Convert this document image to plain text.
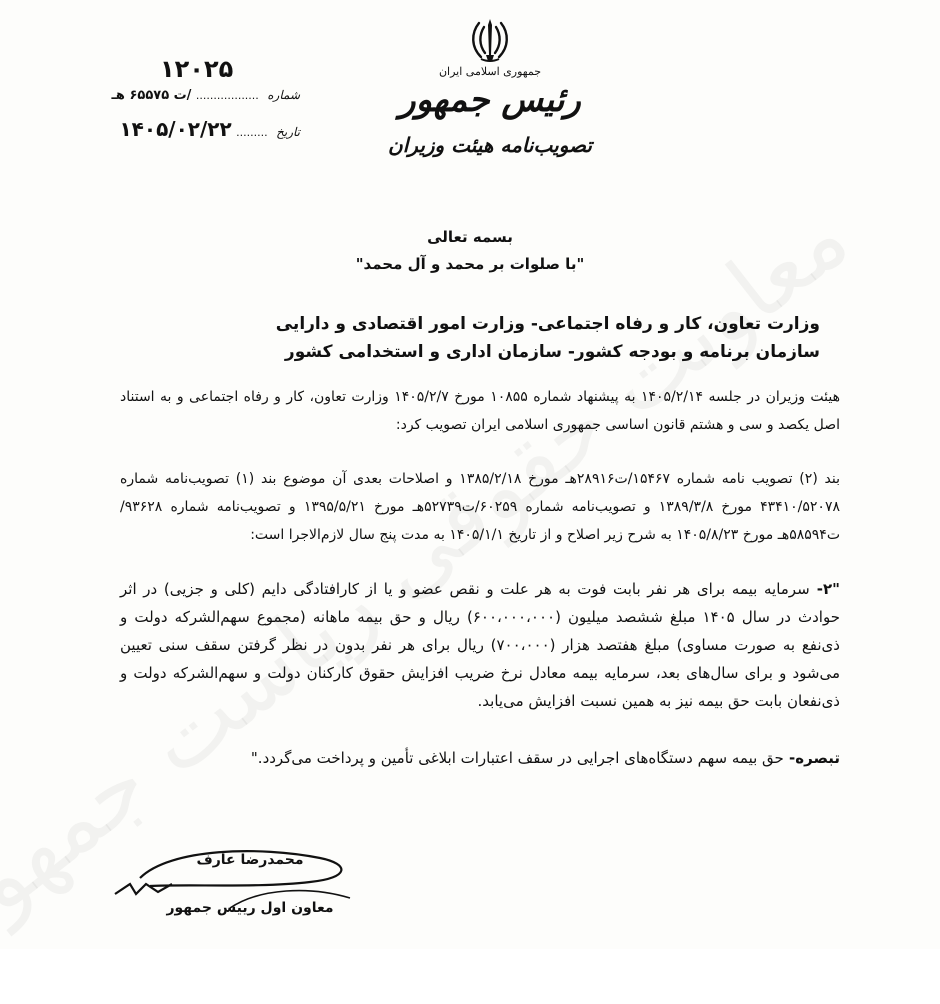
۱۲۰۲۵
شماره .................. /ت ۶۵۵۷۵ هـ
تاریخ ......... ۱۴۰۵/۰۲/۲۲
جمهوری اسلامی ایران
رئیس جمهور
تصویب‌نامه هیئت وزیران
بسمه تعالی
"با صلوات بر محمد و آل محمد"
وزارت تعاون، کار و رفاه اجتماعی- وزارت امور اقتصادی و دارایی
سازمان برنامه و بودجه کشور- سازمان اداری و استخدامی کشور
هیئت وزیران در جلسه ۱۴۰۵/۲/۱۴ به پیشنهاد شماره ۱۰۸۵۵ مورخ ۱۴۰۵/۲/۷ وزارت تعاون، کار و رفاه اجتماعی و به استناد اصل یکصد و سی و هشتم قانون اساسی جمهوری اسلامی ایران تصویب کرد:
بند (۲) تصویب نامه شماره ۱۵۴۶۷/ت۲۸۹۱۶هـ مورخ ۱۳۸۵/۲/۱۸ و اصلاحات بعدی آن موضوع بند (۱) تصویب‌نامه شماره ۴۳۴۱۰/۵۲۰۷۸ مورخ ۱۳۸۹/۳/۸ و تصویب‌نامه شماره ۶۰۲۵۹/ت۵۲۷۳۹هـ مورخ ۱۳۹۵/۵/۲۱ و تصویب‌نامه شماره ۹۳۶۲۸/ت۵۸۵۹۴هـ مورخ ۱۴۰۵/۸/۲۳ به شرح زیر اصلاح و از تاریخ ۱۴۰۵/۱/۱ به مدت پنج سال لازم‌الاجرا است:
"۲- سرمایه بیمه برای هر نفر بابت فوت به هر علت و نقص عضو و یا از کارافتادگی دایم (کلی و جزیی) در اثر حوادث در سال ۱۴۰۵ مبلغ ششصد میلیون (۶۰۰،۰۰۰،۰۰۰) ریال و حق بیمه ماهانه (مجموع سهم‌الشرکه دولت و ذی‌نفع به صورت مساوی) مبلغ هفتصد هزار (۷۰۰،۰۰۰) ریال برای هر نفر بدون در نظر گرفتن سقف سنی تعیین می‌شود و برای سال‌های بعد، سرمایه بیمه معادل نرخ ضریب افزایش حقوق کارکنان دولت و سهم‌الشرکه دولت و ذی‌نفعان بابت حق بیمه نیز به همین نسبت افزایش می‌یابد.
تبصره- حق بیمه سهم دستگاه‌های اجرایی در سقف اعتبارات ابلاغی تأمین و پرداخت می‌گردد."
محمدرضا عارف
معاون اول رییس جمهور
